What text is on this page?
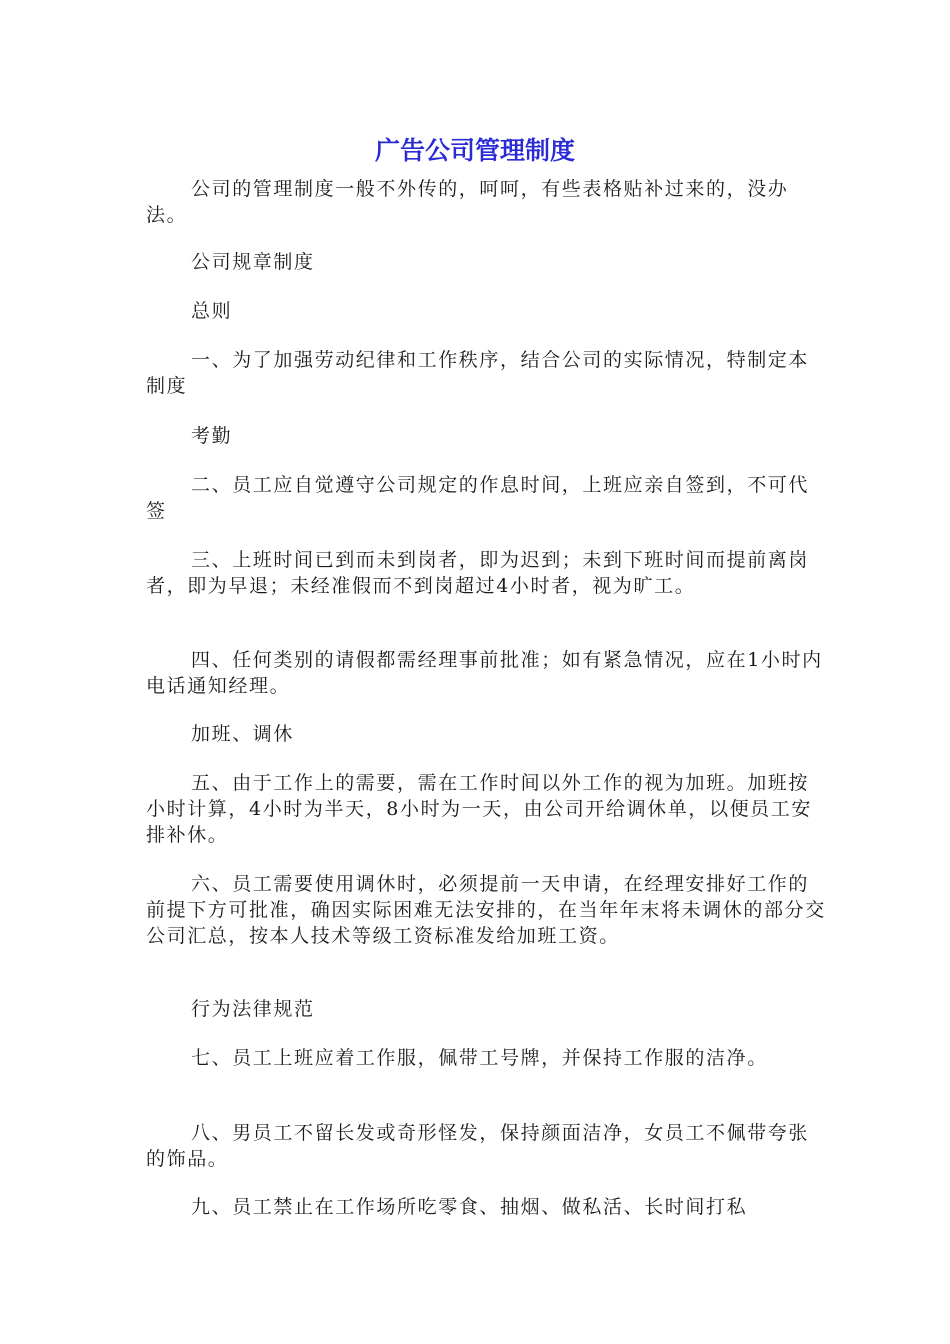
广告公司管理制度

公司的管理制度一般不外传的，呵呵，有些表格贴补过来的，没办法。

公司规章制度

总则

一、为了加强劳动纪律和工作秩序，结合公司的实际情况，特制定本制度

考勤

二、员工应自觉遵守公司规定的作息时间，上班应亲自签到，不可代签

三、上班时间已到而未到岗者，即为迟到；未到下班时间而提前离岗者，即为早退；未经准假而不到岗超过4小时者，视为旷工。

四、任何类别的请假都需经理事前批准；如有紧急情况，应在1小时内电话通知经理。

加班、调休

五、由于工作上的需要，需在工作时间以外工作的视为加班。加班按小时计算，4小时为半天，8小时为一天，由公司开给调休单，以便员工安排补休。

六、员工需要使用调休时，必须提前一天申请，在经理安排好工作的前提下方可批准，确因实际困难无法安排的，在当年年末将未调休的部分交公司汇总，按本人技术等级工资标准发给加班工资。

行为法律规范

七、员工上班应着工作服，佩带工号牌，并保持工作服的洁净。

八、男员工不留长发或奇形怪发，保持颜面洁净，女员工不佩带夸张的饰品。

九、员工禁止在工作场所吃零食、抽烟、做私活、长时间打私
